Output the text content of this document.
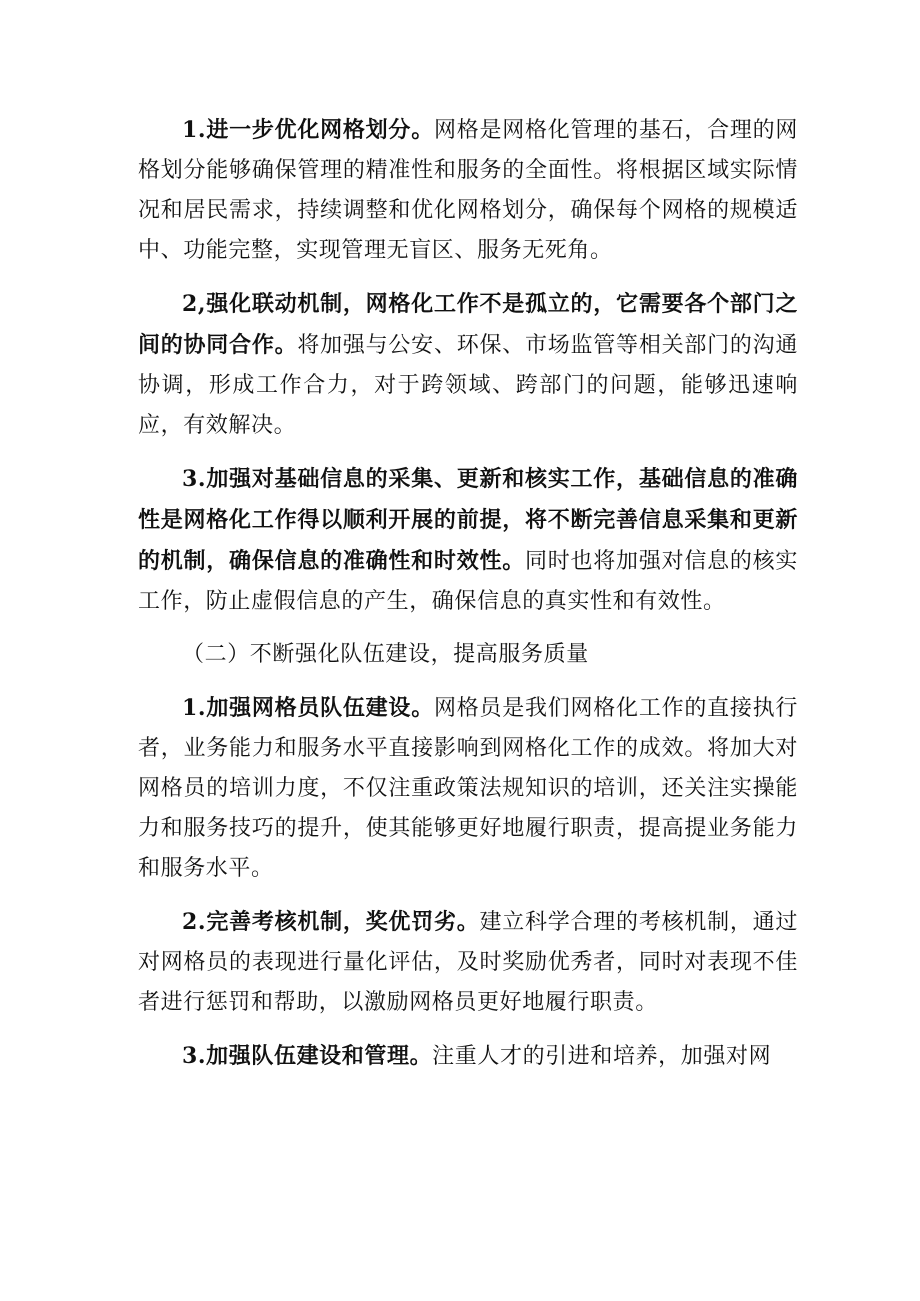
1.进一步优化网格划分。网格是网格化管理的基石，合理的网格划分能够确保管理的精准性和服务的全面性。将根据区域实际情况和居民需求，持续调整和优化网格划分，确保每个网格的规模适中、功能完整，实现管理无盲区、服务无死角。

2,强化联动机制，网格化工作不是孤立的，它需要各个部门之间的协同合作。将加强与公安、环保、市场监管等相关部门的沟通协调，形成工作合力，对于跨领域、跨部门的问题，能够迅速响应，有效解决。

3.加强对基础信息的采集、更新和核实工作，基础信息的准确性是网格化工作得以顺利开展的前提，将不断完善信息采集和更新的机制，确保信息的准确性和时效性。同时也将加强对信息的核实工作，防止虚假信息的产生，确保信息的真实性和有效性。

（二）不断强化队伍建设，提高服务质量

1.加强网格员队伍建设。网格员是我们网格化工作的直接执行者，业务能力和服务水平直接影响到网格化工作的成效。将加大对网格员的培训力度，不仅注重政策法规知识的培训，还关注实操能力和服务技巧的提升，使其能够更好地履行职责，提高提业务能力和服务水平。

2.完善考核机制，奖优罚劣。建立科学合理的考核机制，通过对网格员的表现进行量化评估，及时奖励优秀者，同时对表现不佳者进行惩罚和帮助，以激励网格员更好地履行职责。

3.加强队伍建设和管理。注重人才的引进和培养，加强对网
